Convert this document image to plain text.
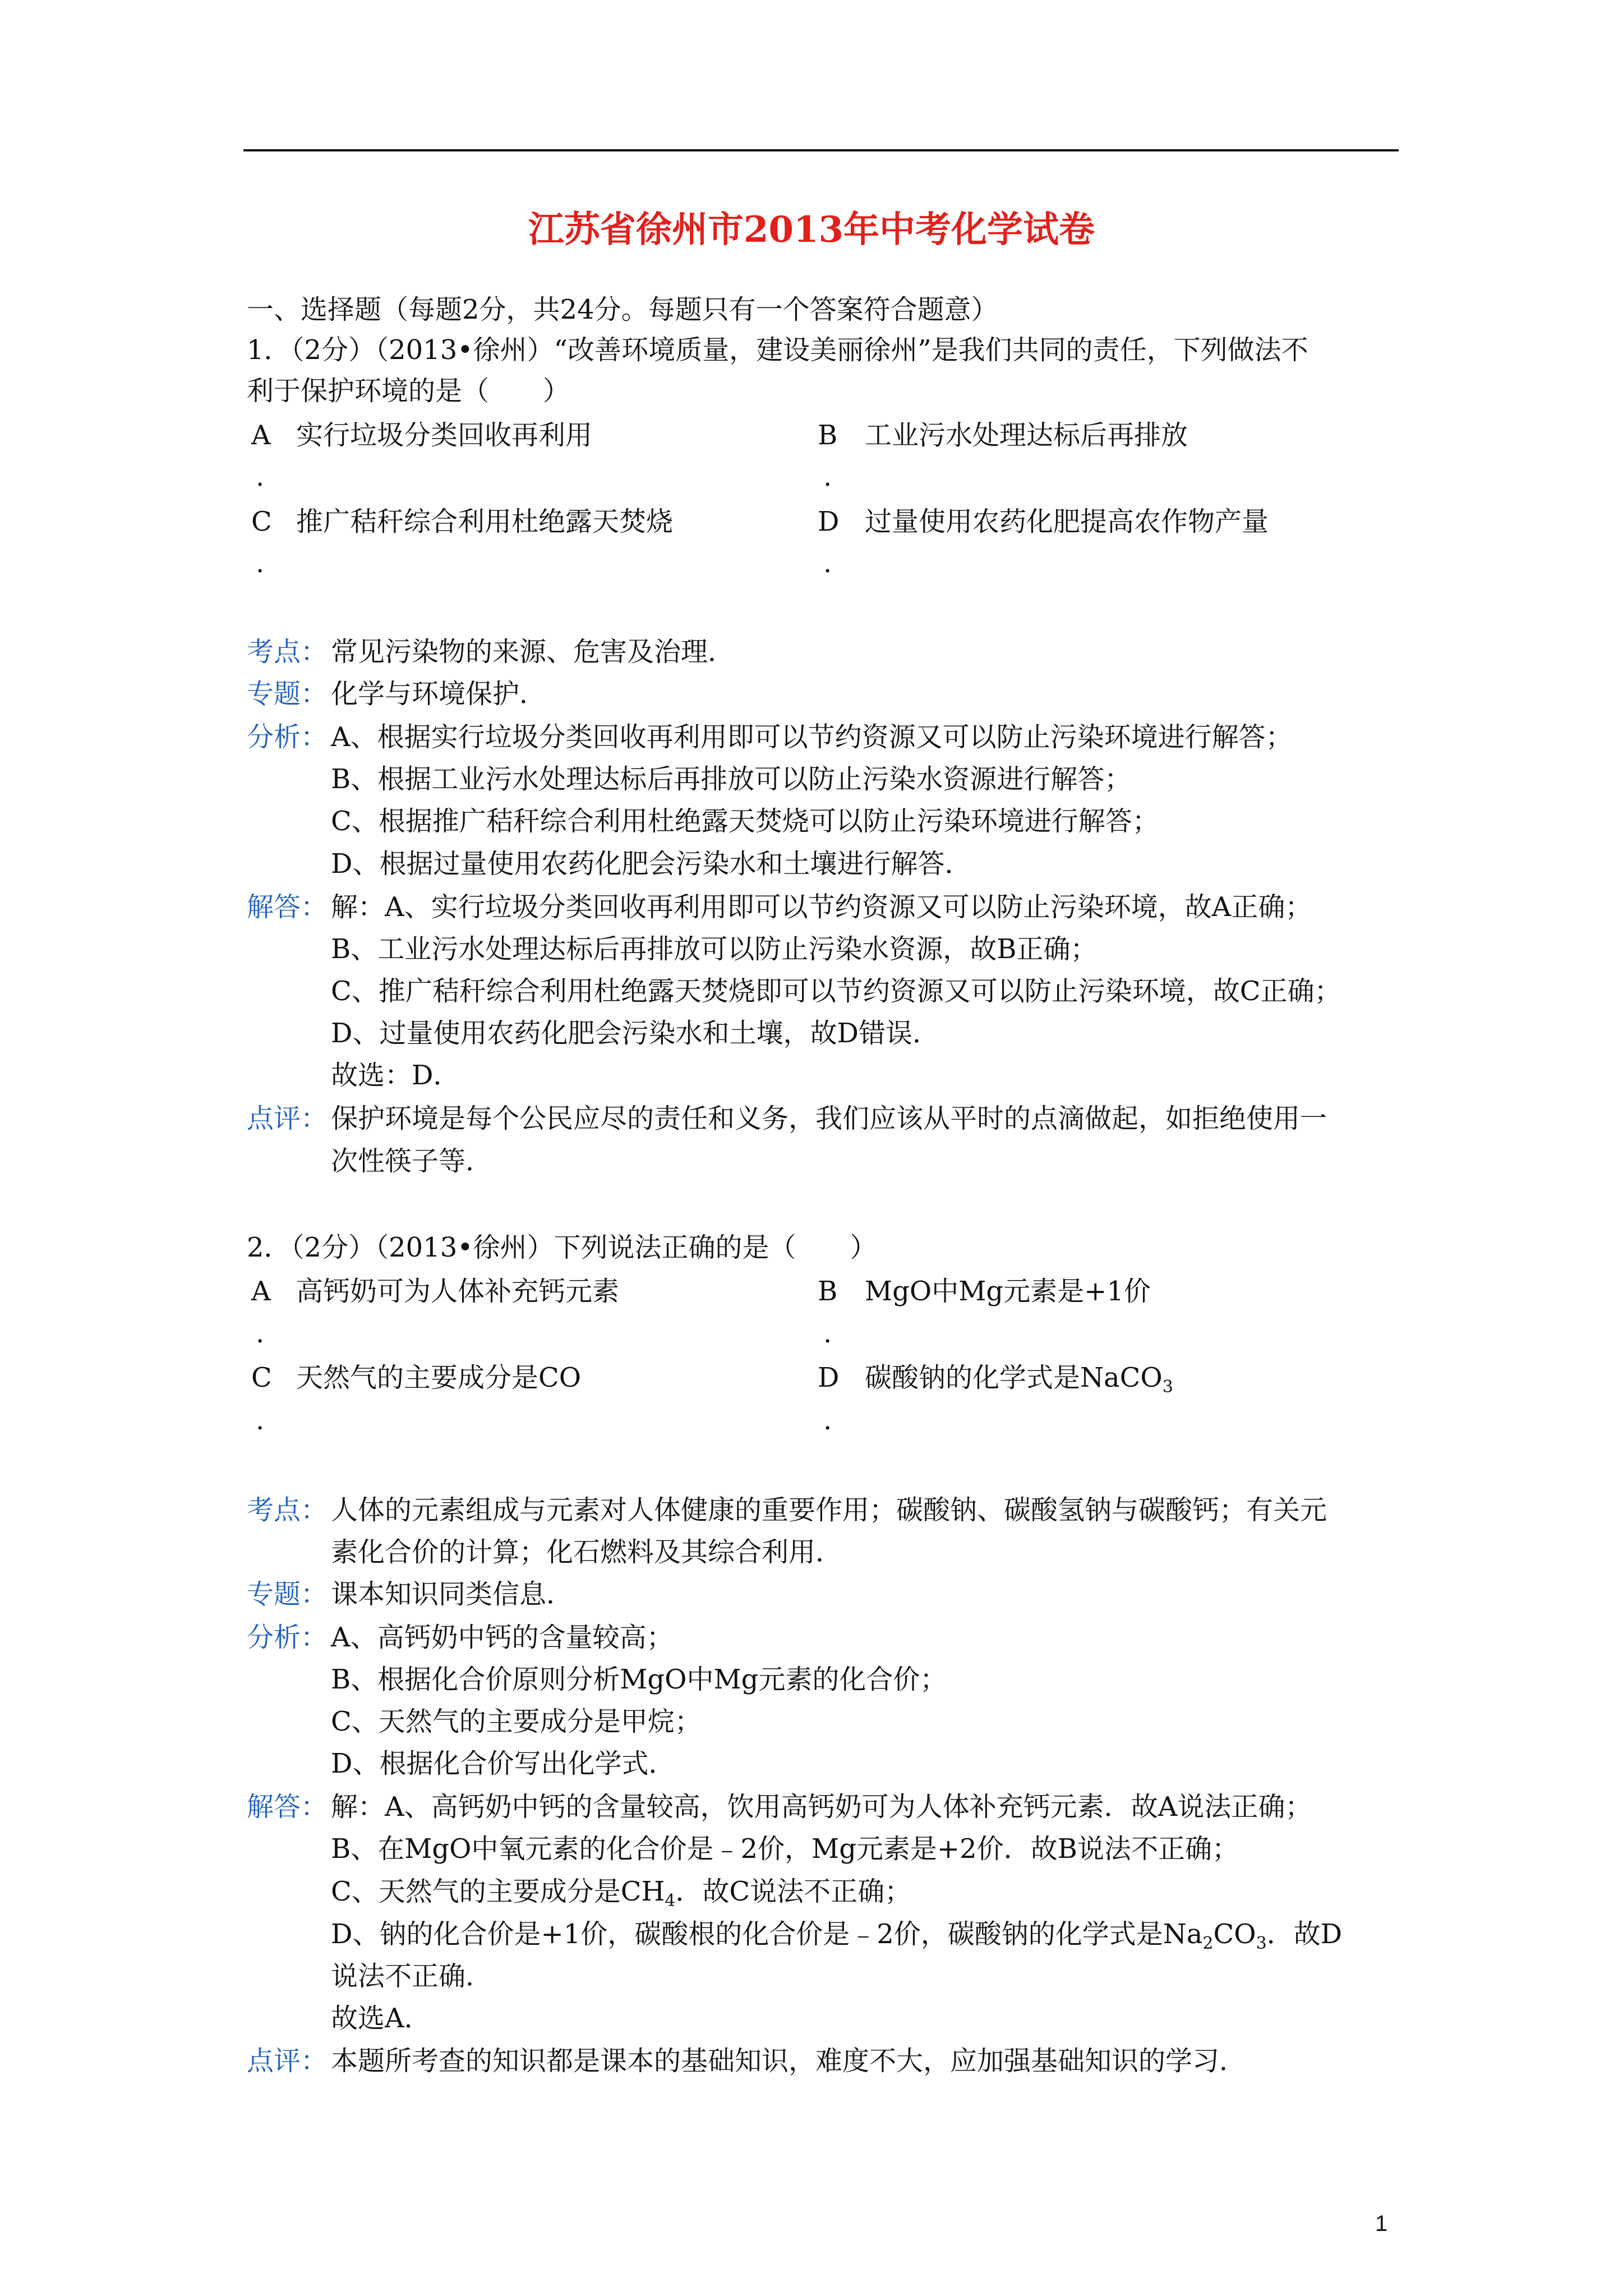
江苏省徐州市2013年中考化学试卷
一、选择题（每题2分，共24分。每题只有一个答案符合题意）
1．（2分）（2013•徐州）“改善环境质量，建设美丽徐州”是我们共同的责任，下列做法不
利于保护环境的是（　　）
A 实行垃圾分类回收再利用
.
B 工业污水处理达标后再排放
.
C 推广秸秆综合利用杜绝露天焚烧
.
D 过量使用农药化肥提高农作物产量
.
考点： 常见污染物的来源、危害及治理．
专题： 化学与环境保护．
分析： A、根据实行垃圾分类回收再利用即可以节约资源又可以防止污染环境进行解答；
B、根据工业污水处理达标后再排放可以防止污染水资源进行解答；
C、根据推广秸秆综合利用杜绝露天焚烧可以防止污染环境进行解答；
D、根据过量使用农药化肥会污染水和土壤进行解答．
解答： 解：A、实行垃圾分类回收再利用即可以节约资源又可以防止污染环境，故A正确；
B、工业污水处理达标后再排放可以防止污染水资源，故B正确；
C、推广秸秆综合利用杜绝露天焚烧即可以节约资源又可以防止污染环境，故C正确；
D、过量使用农药化肥会污染水和土壤，故D错误．
故选：D．
点评： 保护环境是每个公民应尽的责任和义务，我们应该从平时的点滴做起，如拒绝使用一
次性筷子等．
2．（2分）（2013•徐州）下列说法正确的是（　　）
A 高钙奶可为人体补充钙元素
.
B MgO中Mg元素是+1价
.
C 天然气的主要成分是CO
.
D 碳酸钠的化学式是NaCO$_3$
.
考点： 人体的元素组成与元素对人体健康的重要作用；碳酸钠、碳酸氢钠与碳酸钙；有关元
素化合价的计算；化石燃料及其综合利用．
专题： 课本知识同类信息．
分析： A、高钙奶中钙的含量较高；
B、根据化合价原则分析MgO中Mg元素的化合价；
C、天然气的主要成分是甲烷；
D、根据化合价写出化学式．
解答： 解：A、高钙奶中钙的含量较高，饮用高钙奶可为人体补充钙元素．故A说法正确；
B、在MgO中氧元素的化合价是﹣2价，Mg元素是+2价．故B说法不正确；
C、天然气的主要成分是$CH_4$．故C说法不正确；
D、钠的化合价是+1价，碳酸根的化合价是﹣2价，碳酸钠的化学式是$Na_2CO_3$．故D
说法不正确．
故选A．
点评： 本题所考查的知识都是课本的基础知识，难度不大，应加强基础知识的学习．
1
